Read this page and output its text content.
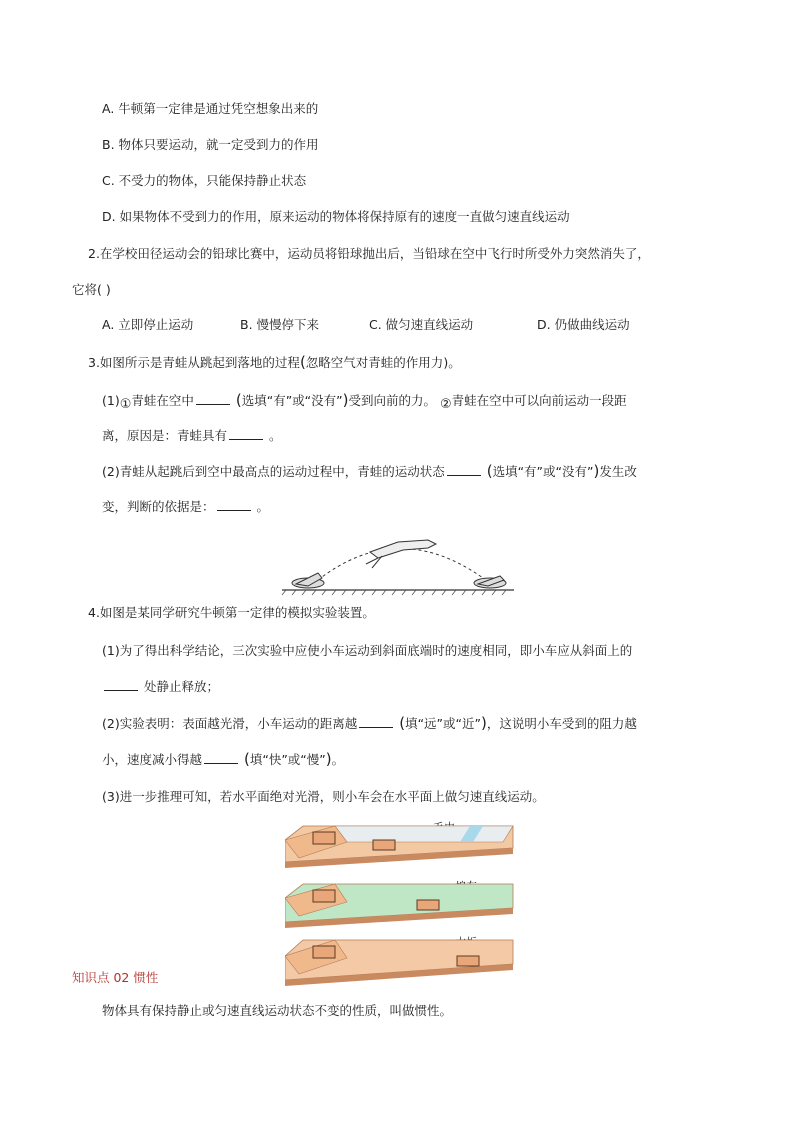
A. 牛顿第一定律是通过凭空想象出来的
B. 物体只要运动，就一定受到力的作用
C. 不受力的物体，只能保持静止状态
D. 如果物体不受到力的作用，原来运动的物体将保持原有的速度一直做匀速直线运动
2.在学校田径运动会的铅球比赛中，运动员将铅球抛出后，当铅球在空中飞行时所受外力突然消失了，
它将( )
A. 立即停止运动	B. 慢慢停下来	C. 做匀速直线运动	D. 仍做曲线运动
3.如图所示是青蛙从跳起到落地的过程(忽略空气对青蛙的作用力)。
(1)①青蛙在空中	(选填“有”或“没有”)受到向前的力。 ②青蛙在空中可以向前运动一段距
离，原因是：青蛙具有	。
(2)青蛙从起跳后到空中最高点的运动过程中，青蛙的运动状态	(选填“有”或“没有”)发生改
变，判断的依据是：	。
4.如图是某同学研究牛顿第一定律的模拟实验装置。
(1)为了得出科学结论，三次实验中应使小车运动到斜面底端时的速度相同，即小车应从斜面上的
处静止释放；
(2)实验表明：表面越光滑，小车运动的距离越	(填“远”或“近”)，这说明小车受到的阻力越
小，速度减小得越	(填“快”或“慢”)。
(3)进一步推理可知，若水平面绝对光滑，则小车会在水平面上做匀速直线运动。
知识点 02 惯性
物体具有保持静止或匀速直线运动状态不变的性质，叫做惯性。
